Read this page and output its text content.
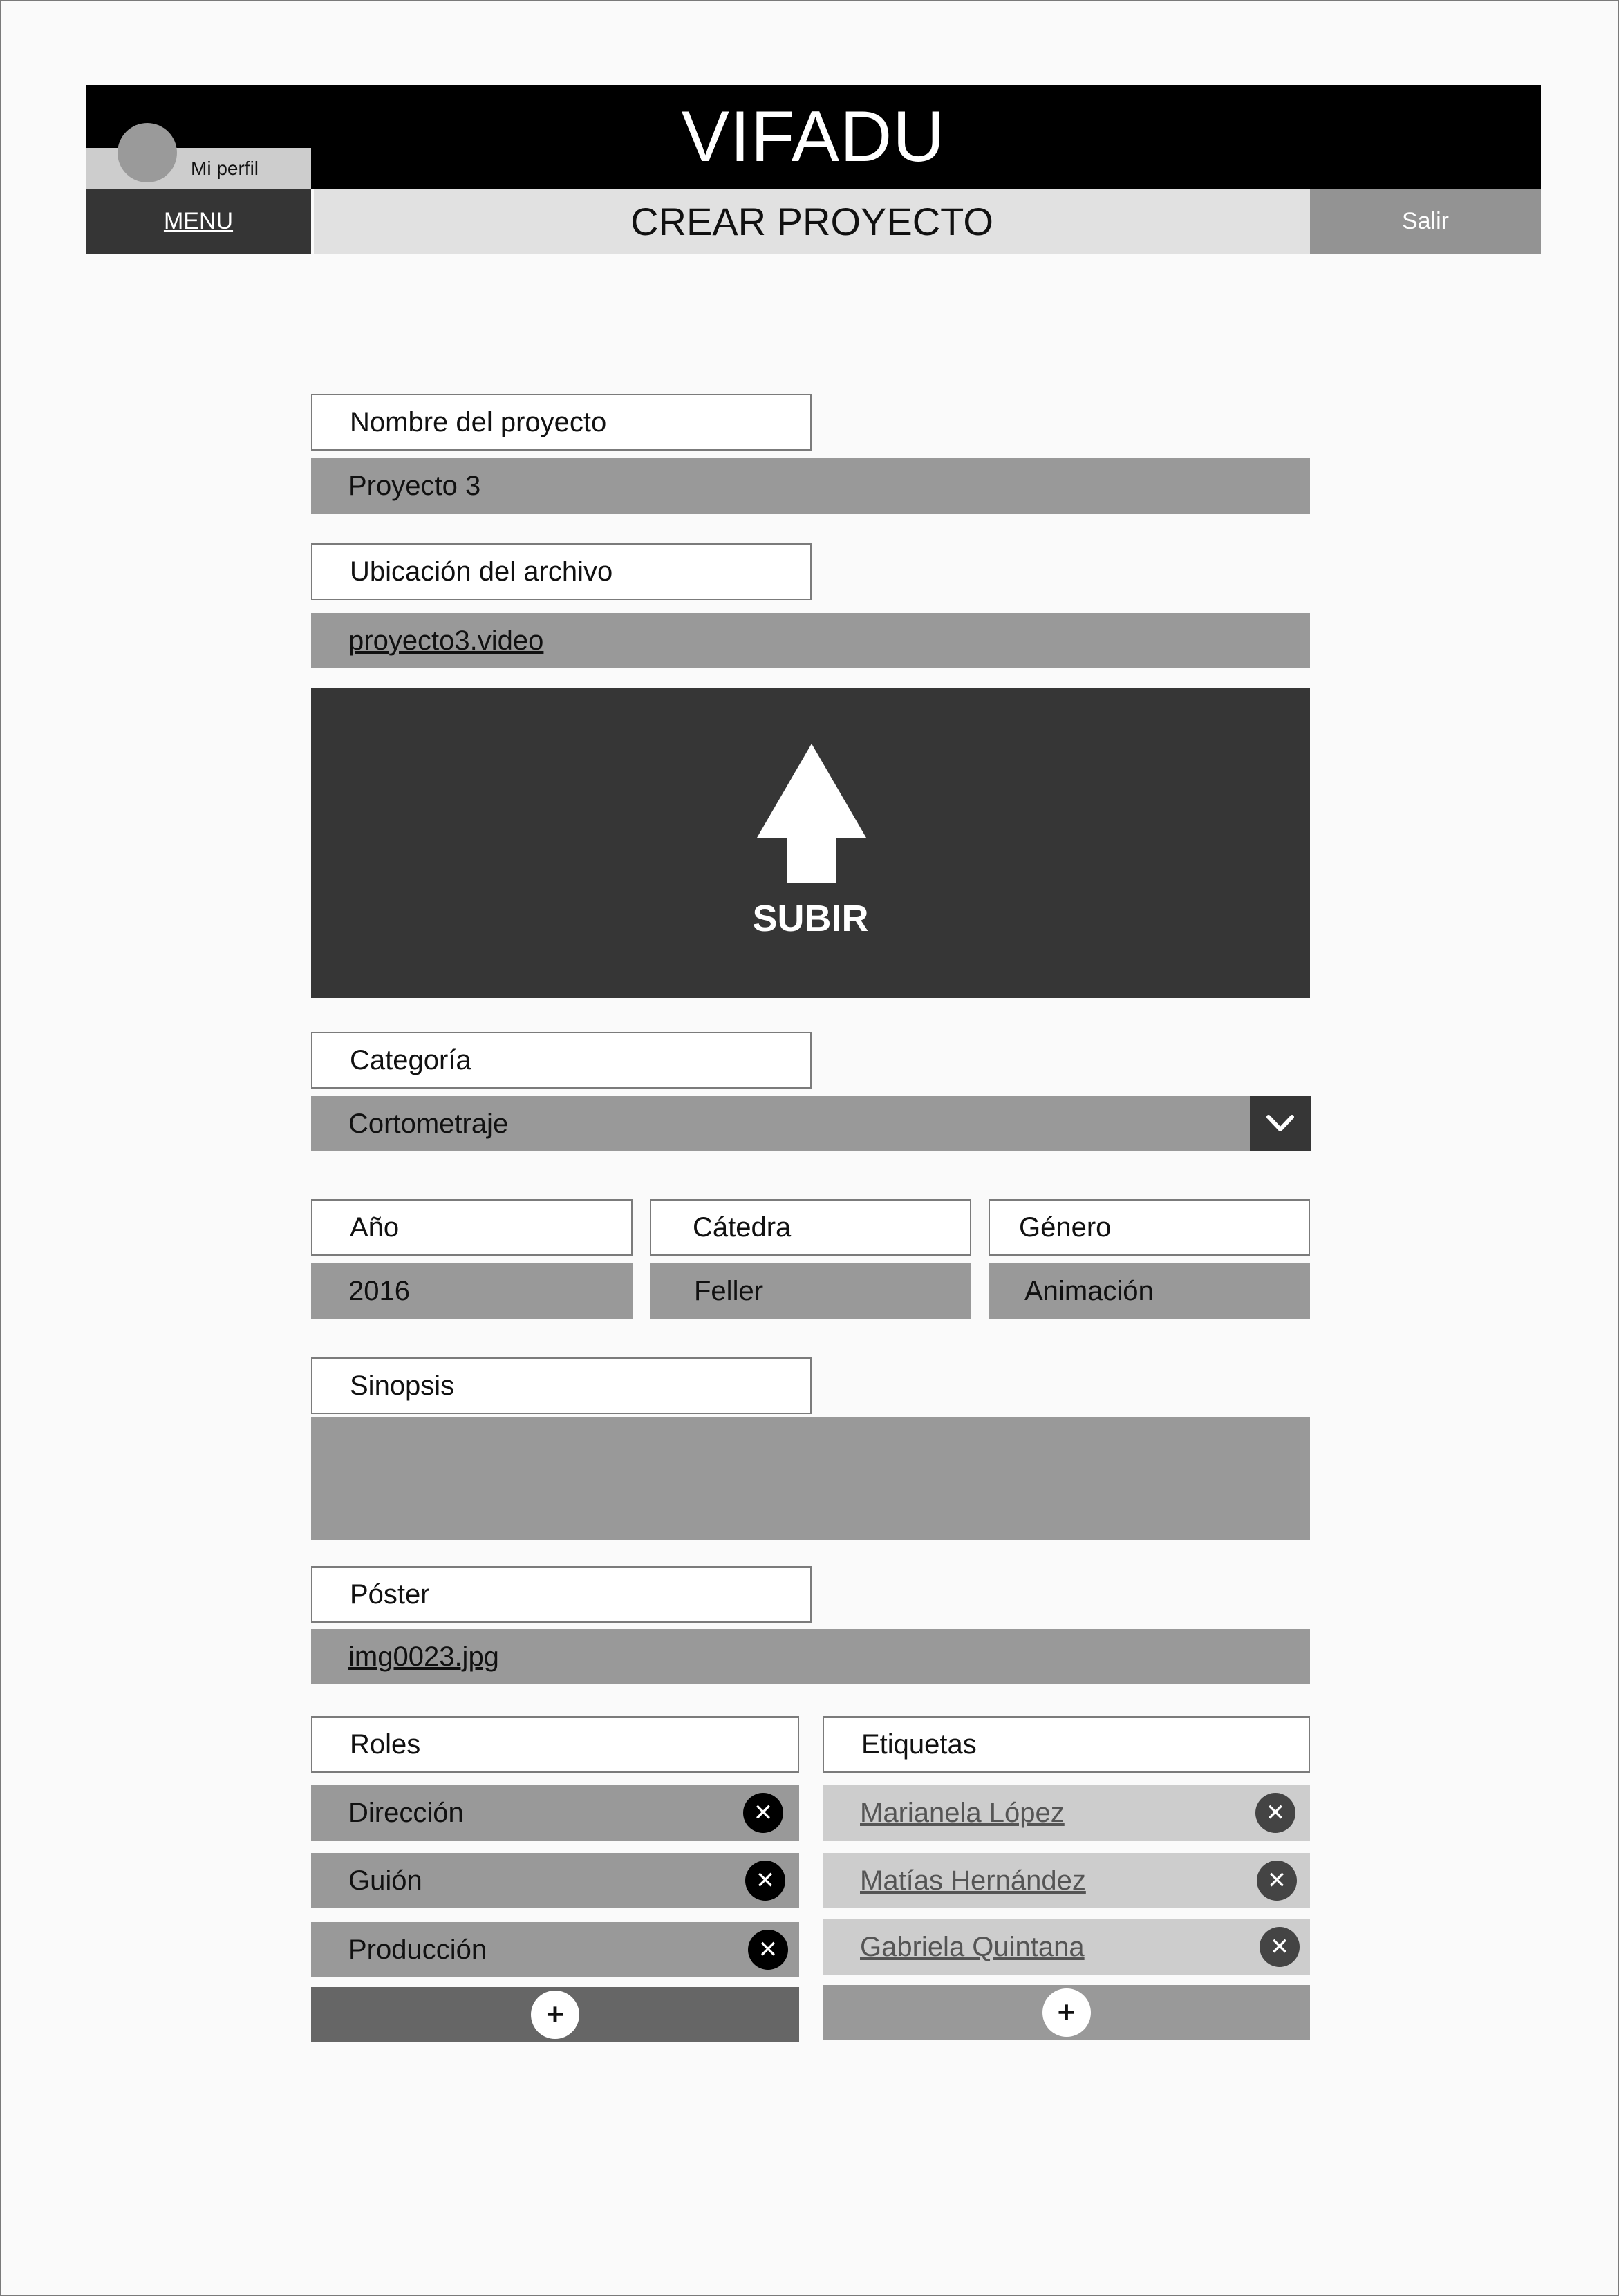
VIFADU
Mi perfil
MENU	CREAR PROYECTO	Salir
Nombre del proyecto
Proyecto 3
Ubicación del archivo
proyecto3.video
SUBIR
Categoría
Cortometraje
Año
2016
Cátedra
Feller
Género
Animación
Sinopsis
Póster
img0023.jpg
Roles
Dirección	✕
Guión	✕
Producción	✕
+
Etiquetas
Marianela López	✕
Matías Hernández	✕
Gabriela Quintana	✕
+
